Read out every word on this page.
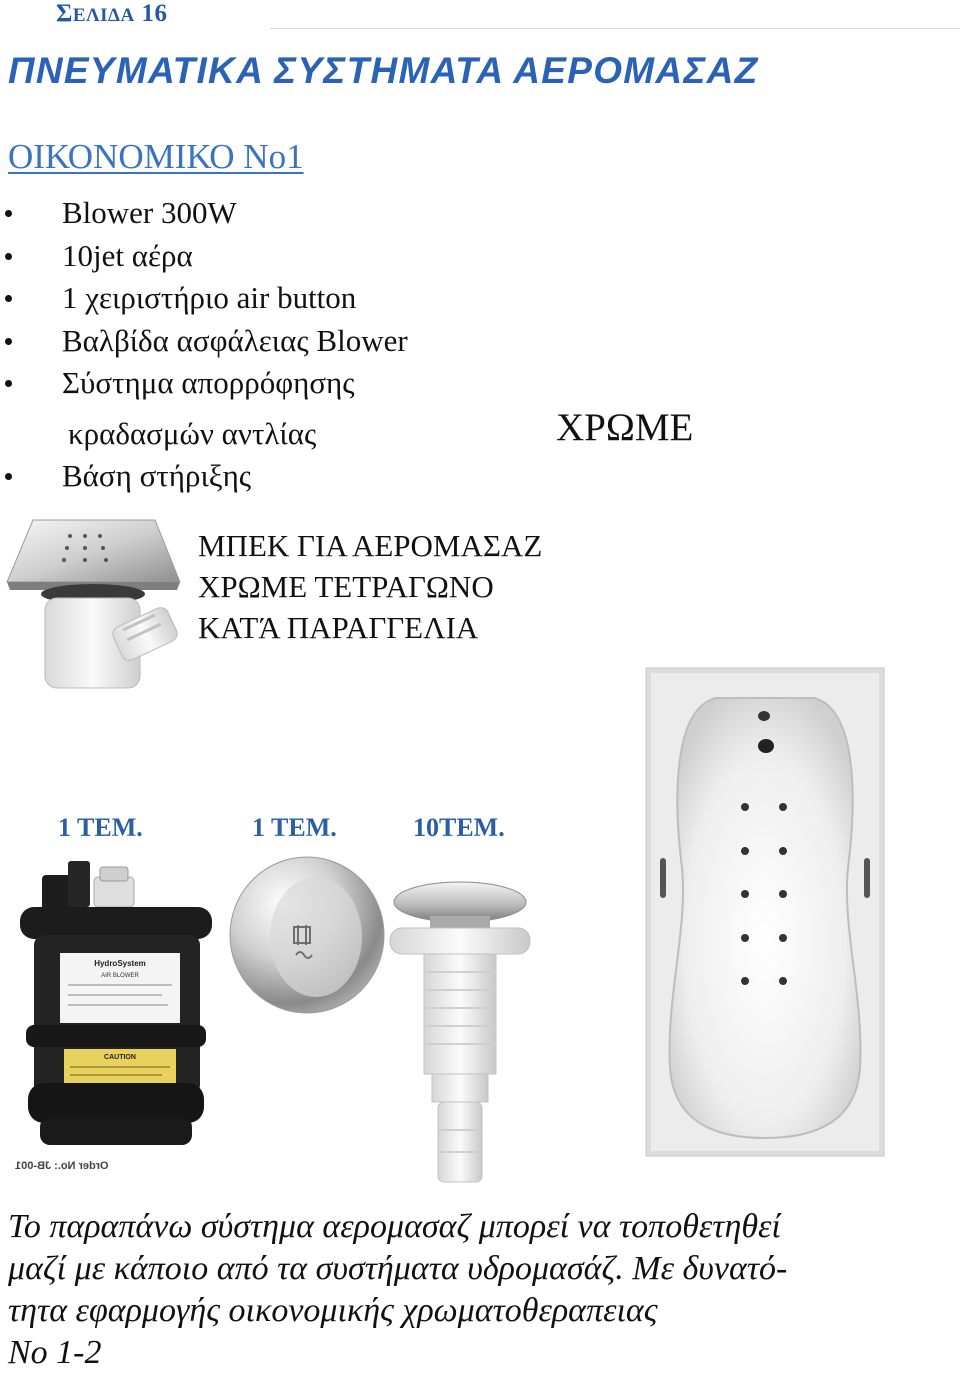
ΣΕΛΙΔΑ 16
ΠΝΕΥΜΑΤΙΚΑ ΣΥΣΤΗΜΑΤΑ ΑΕΡΟΜΑΣΑΖ
ΟΙΚΟΝΟΜΙΚΟ Νο1
Blower 300W
10jet αέρα
1 χειριστήριο air button
Βαλβίδα ασφάλειας Blower
Σύστημα απορρόφησης
κραδασμών αντλίας
Βάση στήριξης
ΧΡΩΜΕ
ΜΠΕΚ ΓΙΑ ΑΕΡΟΜΑΣΑΖ
ΧΡΩΜΕ ΤΕΤΡΑΓΩΝΟ
ΚΑΤΆ ΠΑΡΑΓΓΕΛΙΑ
1 ΤΕΜ.	1 ΤΕΜ.	10ΤΕΜ.
HydroSystem
AIR BLOWER
CAUTION
Order No.: JB-001
Το παραπάνω σύστημα αερομασαζ μπορεί να τοποθετηθεί
μαζί με κάποιο από τα συστήματα υδρομασάζ. Με δυνατό-
τητα εφαρμογής οικονομικής χρωματοθεραπειας
Νο 1-2
